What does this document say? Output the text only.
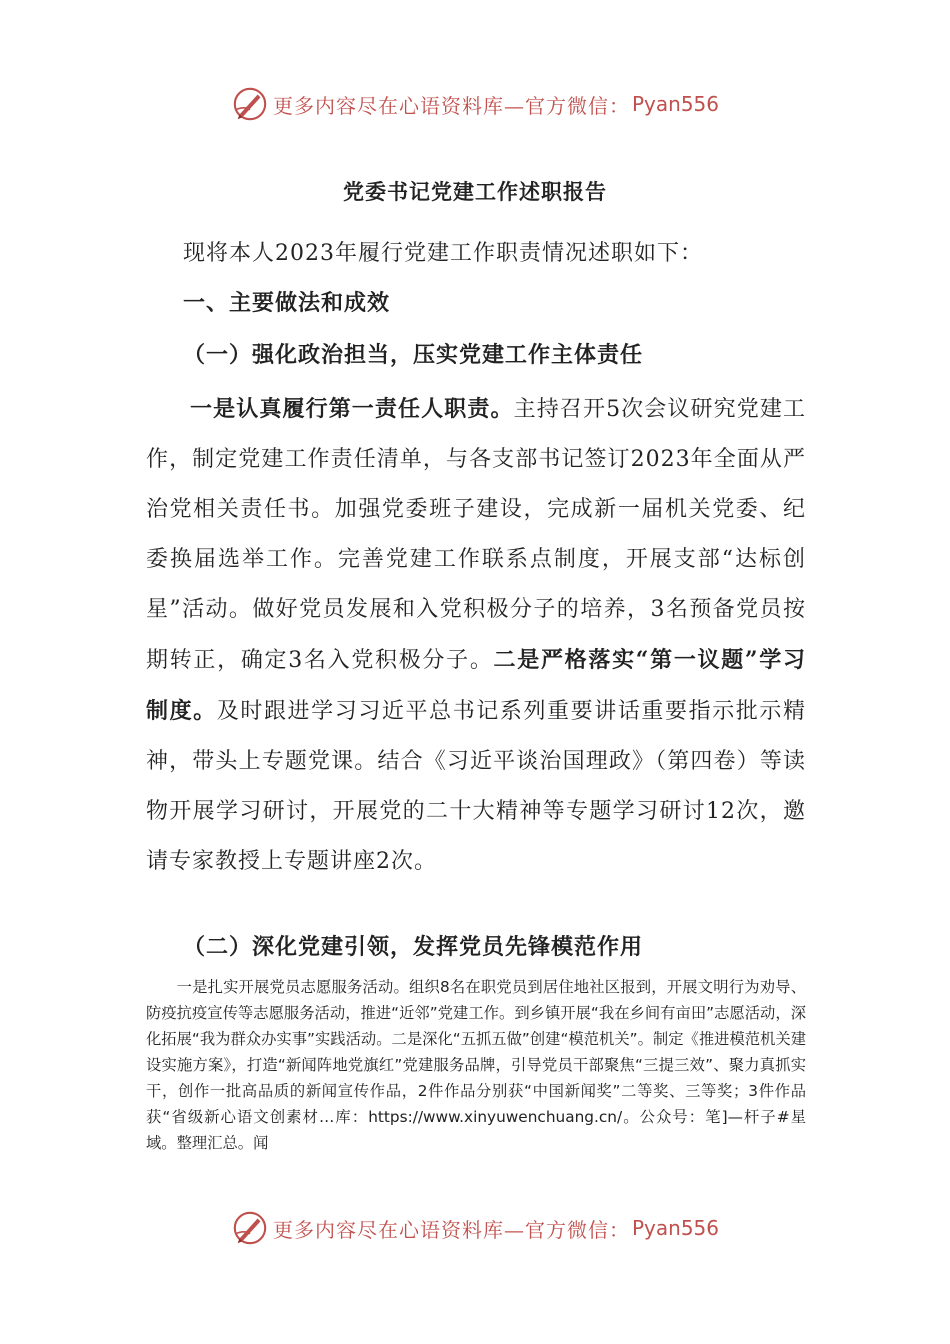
更多内容尽在心语资料库—官方微信： Pyan556
党委书记党建工作述职报告
现将本人2023年履行党建工作职责情况述职如下：
一、主要做法和成效
（一）强化政治担当，压实党建工作主体责任
一是认真履行第一责任人职责。主持召开5次会议研究党建工作，制定党建工作责任清单，与各支部书记签订2023年全面从严治党相关责任书。加强党委班子建设，完成新一届机关党委、纪委换届选举工作。完善党建工作联系点制度，开展支部“达标创星”活动。做好党员发展和入党积极分子的培养，3名预备党员按期转正，确定3名入党积极分子。二是严格落实“第一议题”学习制度。及时跟进学习习近平总书记系列重要讲话重要指示批示精神，带头上专题党课。结合《习近平谈治国理政》（第四卷）等读物开展学习研讨，开展党的二十大精神等专题学习研讨12次，邀请专家教授上专题讲座2次。
（二）深化党建引领，发挥党员先锋模范作用
一是扎实开展党员志愿服务活动。组织8名在职党员到居住地社区报到，开展文明行为劝导、防疫抗疫宣传等志愿服务活动，推进“近邻”党建工作。到乡镇开展“我在乡间有亩田”志愿活动，深化拓展“我为群众办实事”实践活动。二是深化“五抓五做”创建“模范机关”。制定《推进模范机关建设实施方案》，打造“新闻阵地党旗红”党建服务品牌，引导党员干部聚焦“三提三效”、聚力真抓实干，创作一批高品质的新闻宣传作品，2件作品分别获“中国新闻奖”二等奖、三等奖；3件作品获“省级新心语文创素材…库：https://www.xinyuwenchuang.cn/。公众号：笔]—杆子#星域。整理汇总。闻
更多内容尽在心语资料库—官方微信： Pyan556
